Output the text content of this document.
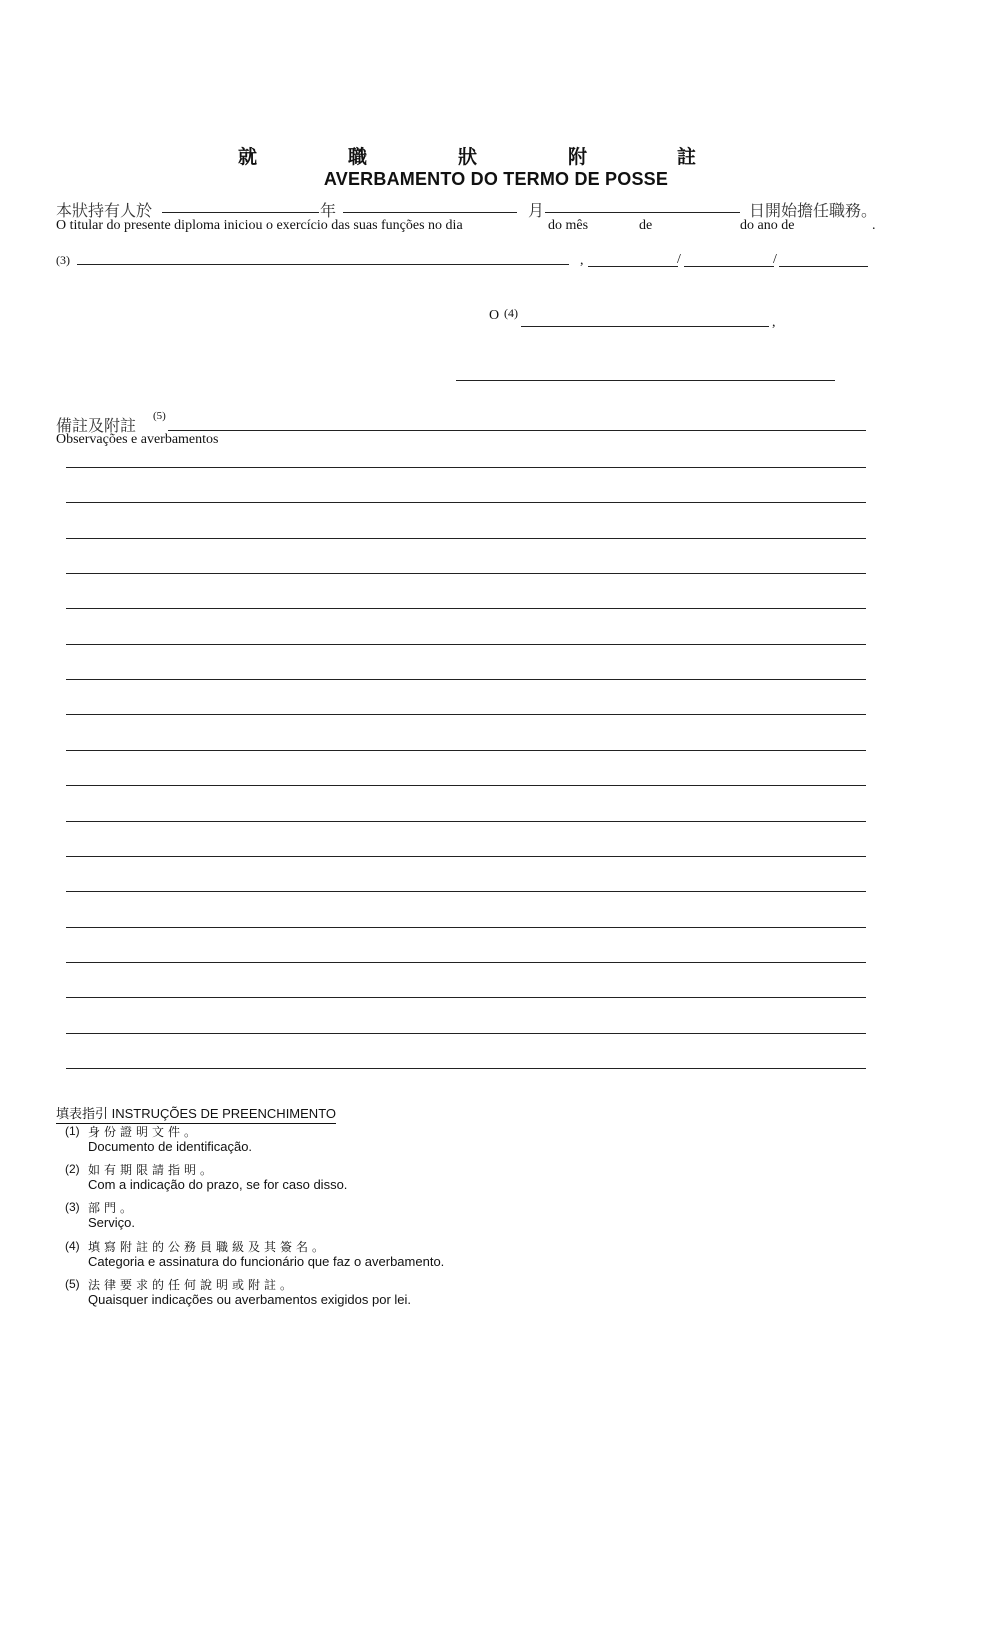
就	職	狀	附	註
AVERBAMENTO DO TERMO DE POSSE
本狀持有人於	年	月	日開始擔任職務。
O titular do presente diploma iniciou o exercício das suas funções no dia	do mês	de	do ano de	.
(3)	,	/	/
O (4)
,
備註及附註 (5)
Observações e averbamentos
填表指引 INSTRUÇÕES DE PREENCHIMENTO
(1) 身份證明文件。
Documento de identificação.
(2) 如有期限請指明。
Com a indicação do prazo, se for caso disso.
(3) 部門。
Serviço.
(4) 填寫附註的公務員職級及其簽名。
Categoria e assinatura do funcionário que faz o averbamento.
(5) 法律要求的任何說明或附註。
Quaisquer indicações ou averbamentos exigidos por lei.
